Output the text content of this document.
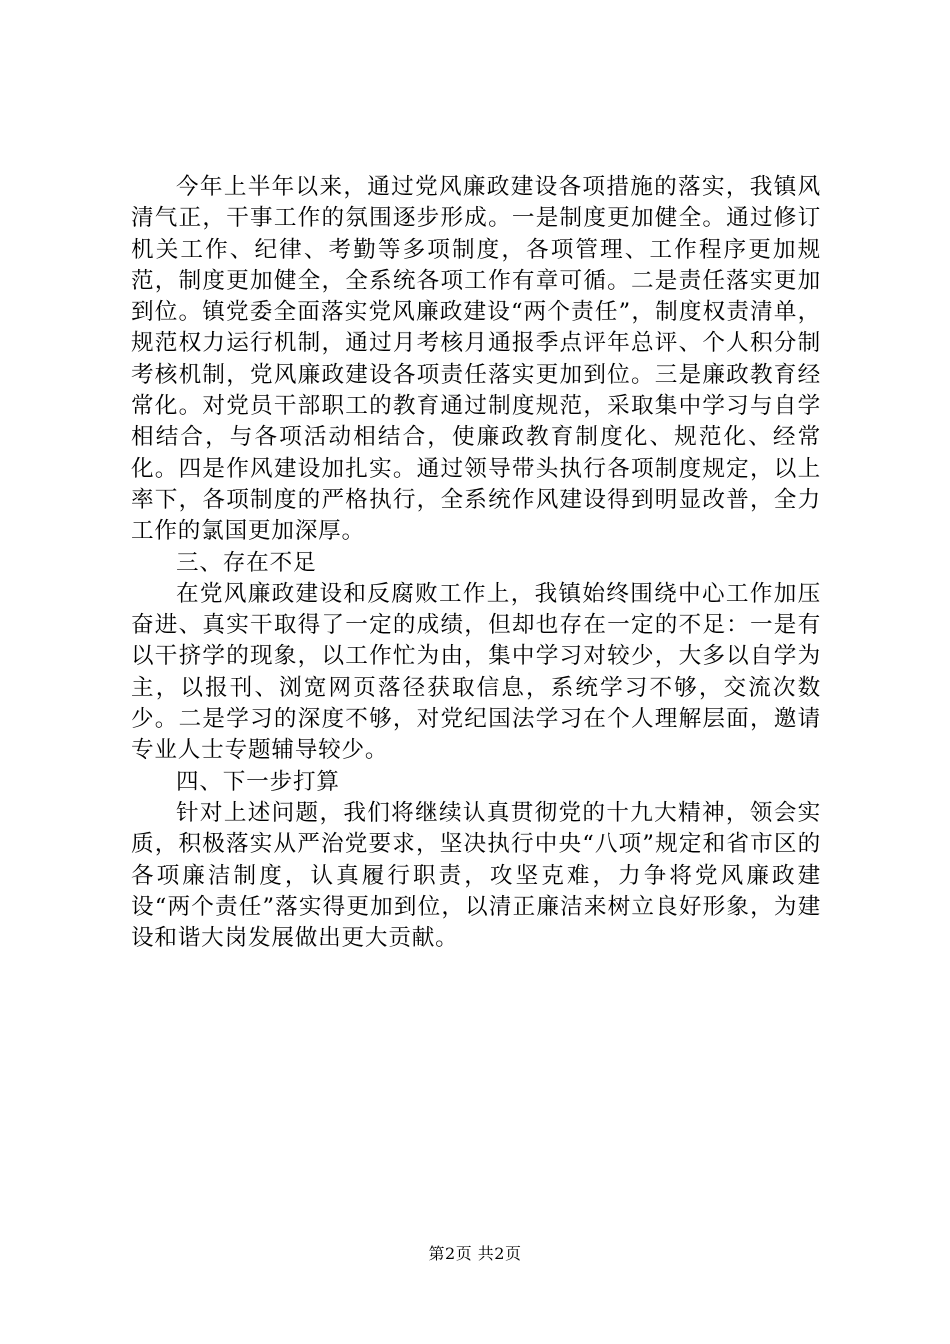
今年上半年以来，通过党风廉政建设各项措施的落实，我镇风清气正，干事工作的氛围逐步形成。一是制度更加健全。通过修订机关工作、纪律、考勤等多项制度，各项管理、工作程序更加规范，制度更加健全，全系统各项工作有章可循。二是责任落实更加到位。镇党委全面落实党风廉政建设“两个责任”，制度权责清单，规范权力运行机制，通过月考核月通报季点评年总评、个人积分制考核机制，党风廉政建设各项责任落实更加到位。三是廉政教育经常化。对党员干部职工的教育通过制度规范，采取集中学习与自学相结合，与各项活动相结合，使廉政教育制度化、规范化、经常化。四是作风建设加扎实。通过领导带头执行各项制度规定，以上率下，各项制度的严格执行，全系统作风建设得到明显改普，全力工作的氯国更加深厚。

三、存在不足

在党风廉政建设和反腐败工作上，我镇始终围绕中心工作加压奋进、真实干取得了一定的成绩，但却也存在一定的不足：一是有以干挤学的现象，以工作忙为由，集中学习对较少，大多以自学为主，以报刊、浏宽网页落径获取信息，系统学习不够，交流次数少。二是学习的深度不够，对党纪国法学习在个人理解层面，邀请专业人士专题辅导较少。

四、下一步打算

针对上述问题，我们将继续认真贯彻党的十九大精神，领会实质，积极落实从严治党要求，坚决执行中央“八项”规定和省市区的各项廉洁制度，认真履行职责，攻坚克难，力争将党风廉政建设“两个责任”落实得更加到位，以清正廉洁来树立良好形象，为建设和谐大岗发展做出更大贡献。

第2页 共2页
